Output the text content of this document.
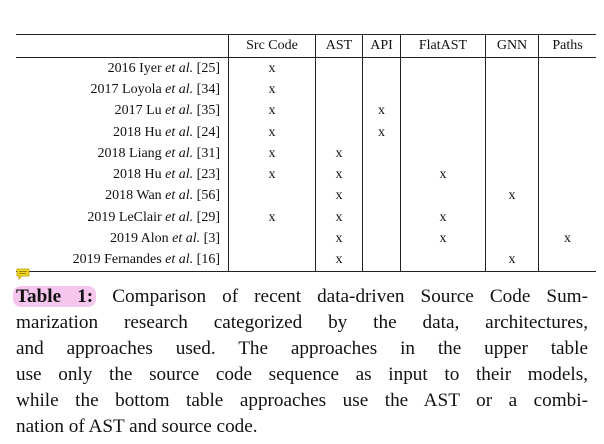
	Src Code	AST	API	FlatAST	GNN	Paths
2016 Iyer et al. [25]	x					
2017 Loyola et al. [34]	x					
2017 Lu et al. [35]	x		x			
2018 Hu et al. [24]	x		x			
2018 Liang et al. [31]	x	x				
2018 Hu et al. [23]	x	x		x		
2018 Wan et al. [56]		x			x	
2019 LeClair et al. [29]	x	x		x		
2019 Alon et al. [3]		x		x		x
2019 Fernandes et al. [16]		x			x	
Table 1: Comparison of recent data-driven Source Code Sum-
marization research categorized by the data, architectures,
and approaches used. The approaches in the upper table
use only the source code sequence as input to their models,
while the bottom table approaches use the AST or a combi-
nation of AST and source code.
